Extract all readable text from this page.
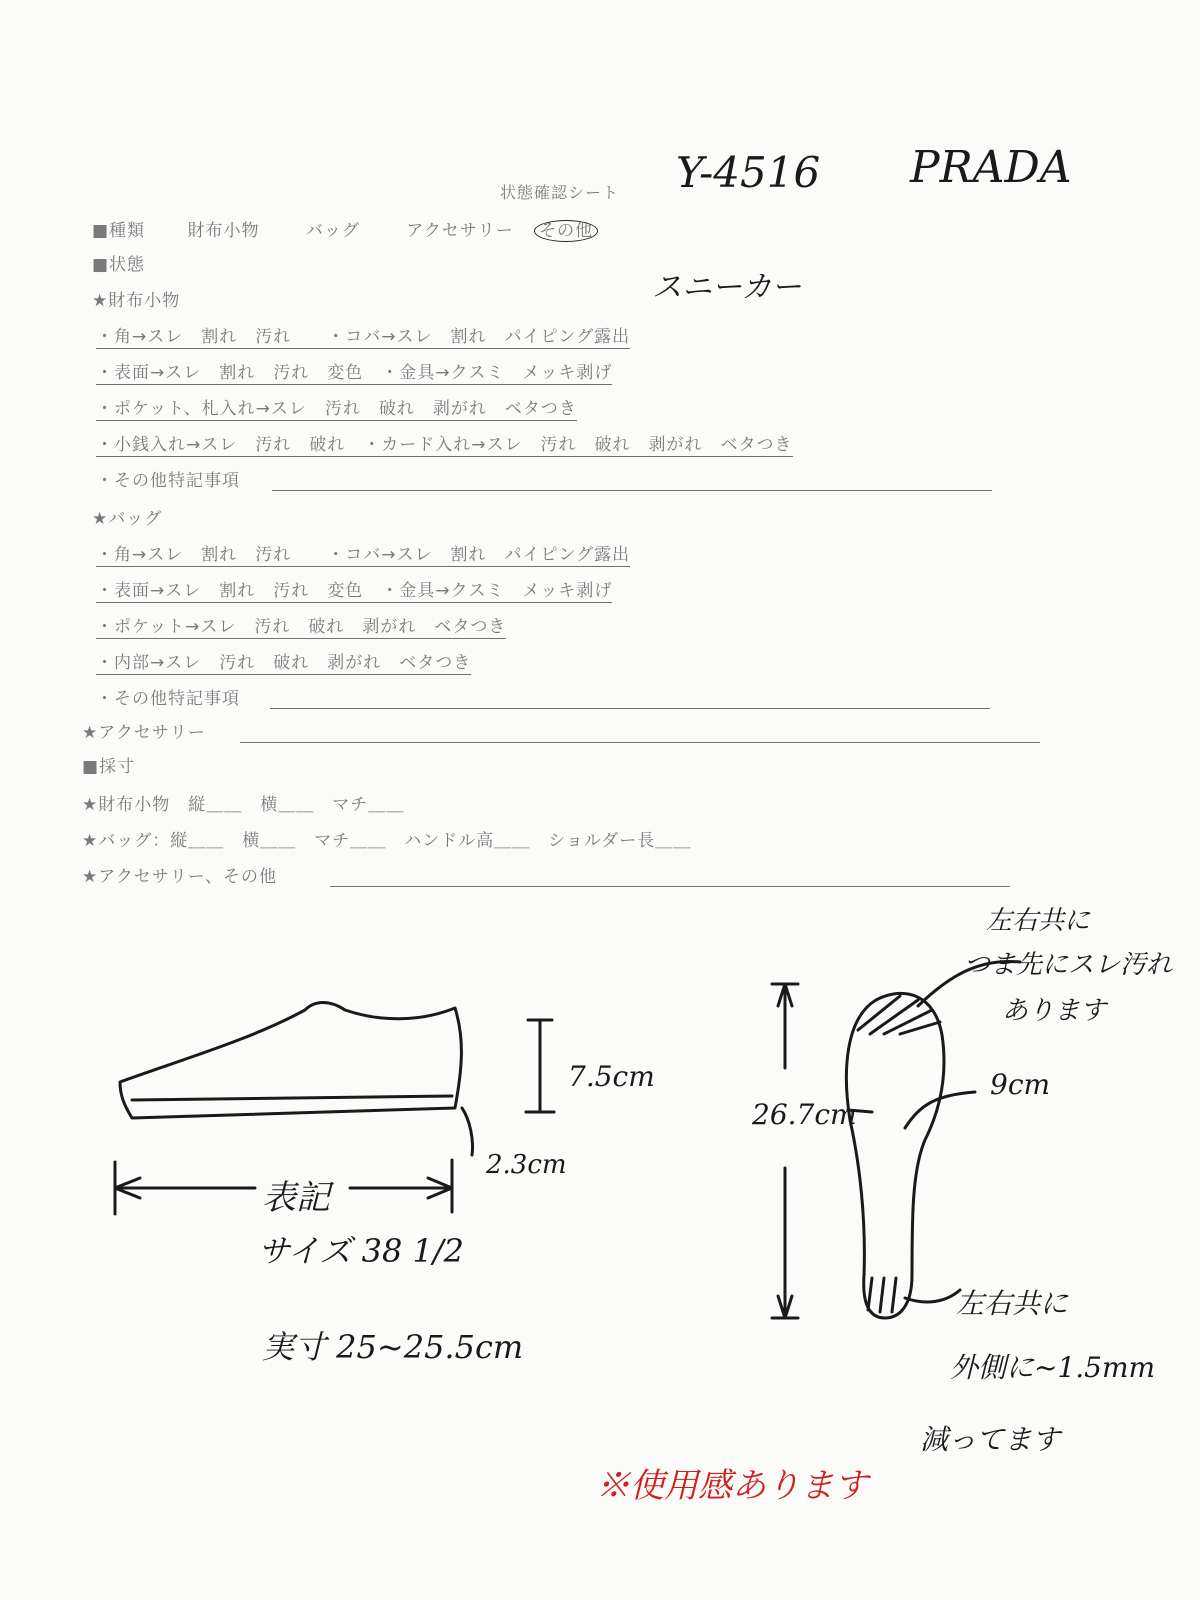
状態確認シート
■種類 財布小物	バッグ	アクセサリー その他
■状態
★財布小物
・角→スレ　割れ　汚れ　　・コバ→スレ　割れ　パイピング露出
・表面→スレ　割れ　汚れ　変色　・金具→クスミ　メッキ剥げ
・ポケット、札入れ→スレ　汚れ　破れ　剥がれ　ベタつき
・小銭入れ→スレ　汚れ　破れ　・カード入れ→スレ　汚れ　破れ　剥がれ　ベタつき
・その他特記事項
★バッグ
・角→スレ　割れ　汚れ　　・コバ→スレ　割れ　パイピング露出
・表面→スレ　割れ　汚れ　変色　・金具→クスミ　メッキ剥げ
・ポケット→スレ　汚れ　破れ　剥がれ　ベタつき
・内部→スレ　汚れ　破れ　剥がれ　ベタつき
・その他特記事項
★アクセサリー
■採寸
★財布小物　縦＿＿　横＿＿　マチ＿＿
★バッグ：縦＿＿　横＿＿　マチ＿＿　ハンドル高＿＿　ショルダー長＿＿
★アクセサリー、その他
Y-4516 PRADA
スニーカー
7.5cm
2.3cm
表記
サイズ 38 1/2
実寸 25~25.5cm
26.7cm
9cm
左右共に
つま先にスレ汚れ
あります
左右共に
外側に~1.5mm
減ってます
※使用感あります
